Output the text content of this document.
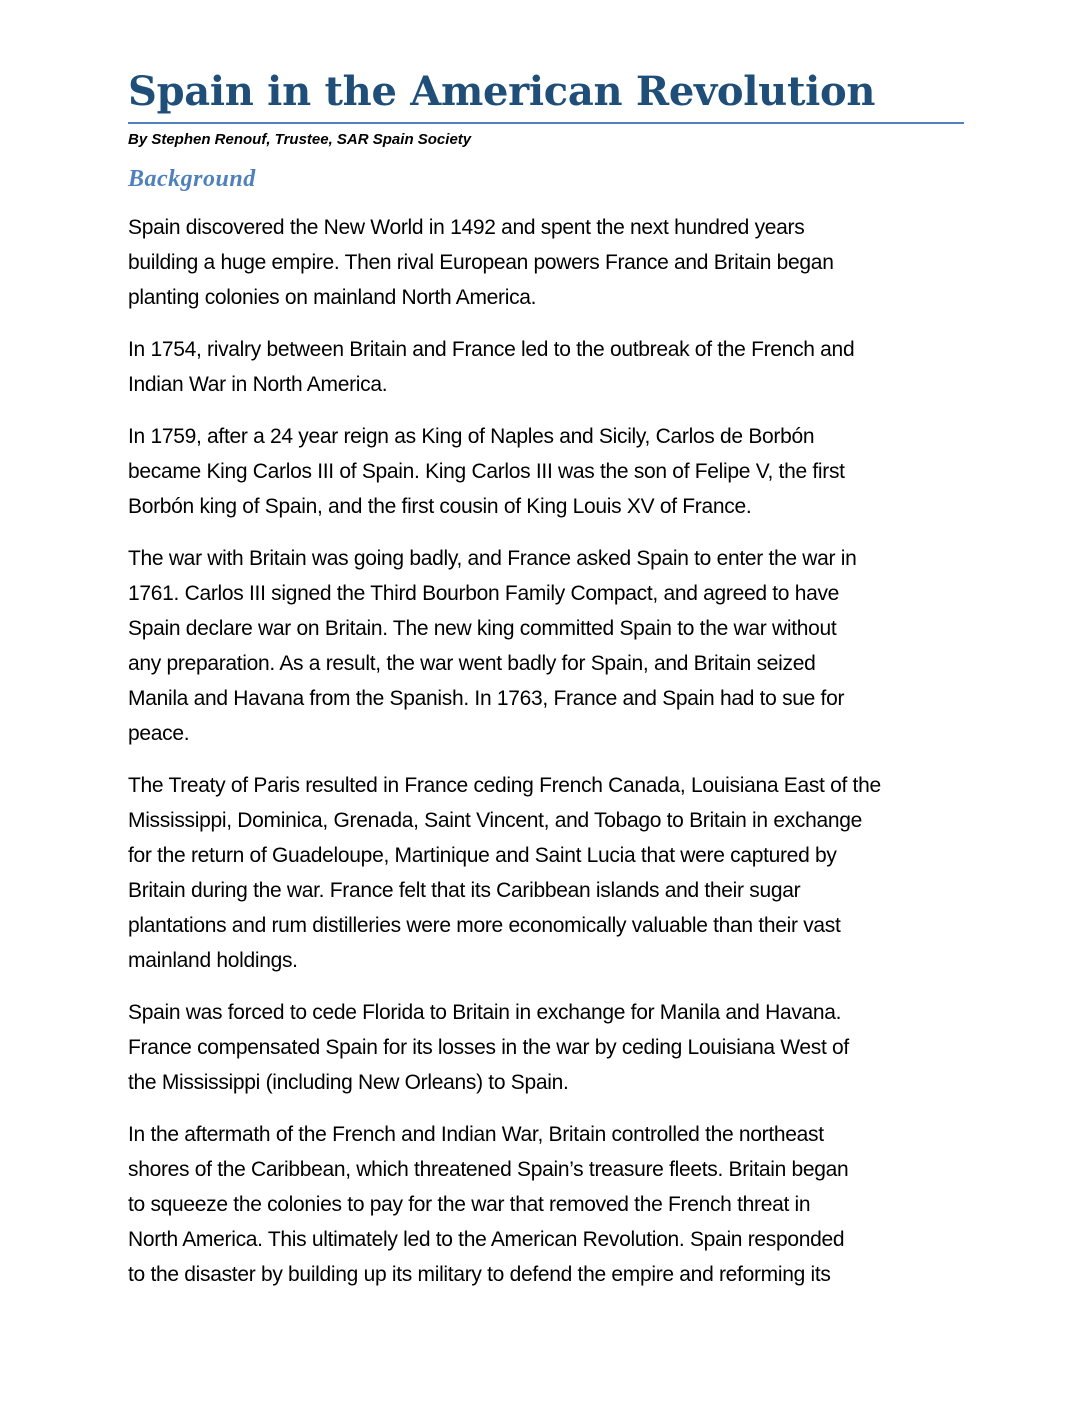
Spain in the American Revolution

By Stephen Renouf, Trustee, SAR Spain Society

Background

Spain discovered the New World in 1492 and spent the next hundred years
building a huge empire. Then rival European powers France and Britain began
planting colonies on mainland North America.

In 1754, rivalry between Britain and France led to the outbreak of the French and
Indian War in North America.

In 1759, after a 24 year reign as King of Naples and Sicily, Carlos de Borbón
became King Carlos III of Spain. King Carlos III was the son of Felipe V, the first
Borbón king of Spain, and the first cousin of King Louis XV of France.

The war with Britain was going badly, and France asked Spain to enter the war in
1761. Carlos III signed the Third Bourbon Family Compact, and agreed to have
Spain declare war on Britain. The new king committed Spain to the war without
any preparation. As a result, the war went badly for Spain, and Britain seized
Manila and Havana from the Spanish. In 1763, France and Spain had to sue for
peace.

The Treaty of Paris resulted in France ceding French Canada, Louisiana East of the
Mississippi, Dominica, Grenada, Saint Vincent, and Tobago to Britain in exchange
for the return of Guadeloupe, Martinique and Saint Lucia that were captured by
Britain during the war. France felt that its Caribbean islands and their sugar
plantations and rum distilleries were more economically valuable than their vast
mainland holdings.

Spain was forced to cede Florida to Britain in exchange for Manila and Havana.
France compensated Spain for its losses in the war by ceding Louisiana West of
the Mississippi (including New Orleans) to Spain.

In the aftermath of the French and Indian War, Britain controlled the northeast
shores of the Caribbean, which threatened Spain’s treasure fleets. Britain began
to squeeze the colonies to pay for the war that removed the French threat in
North America. This ultimately led to the American Revolution. Spain responded
to the disaster by building up its military to defend the empire and reforming its
